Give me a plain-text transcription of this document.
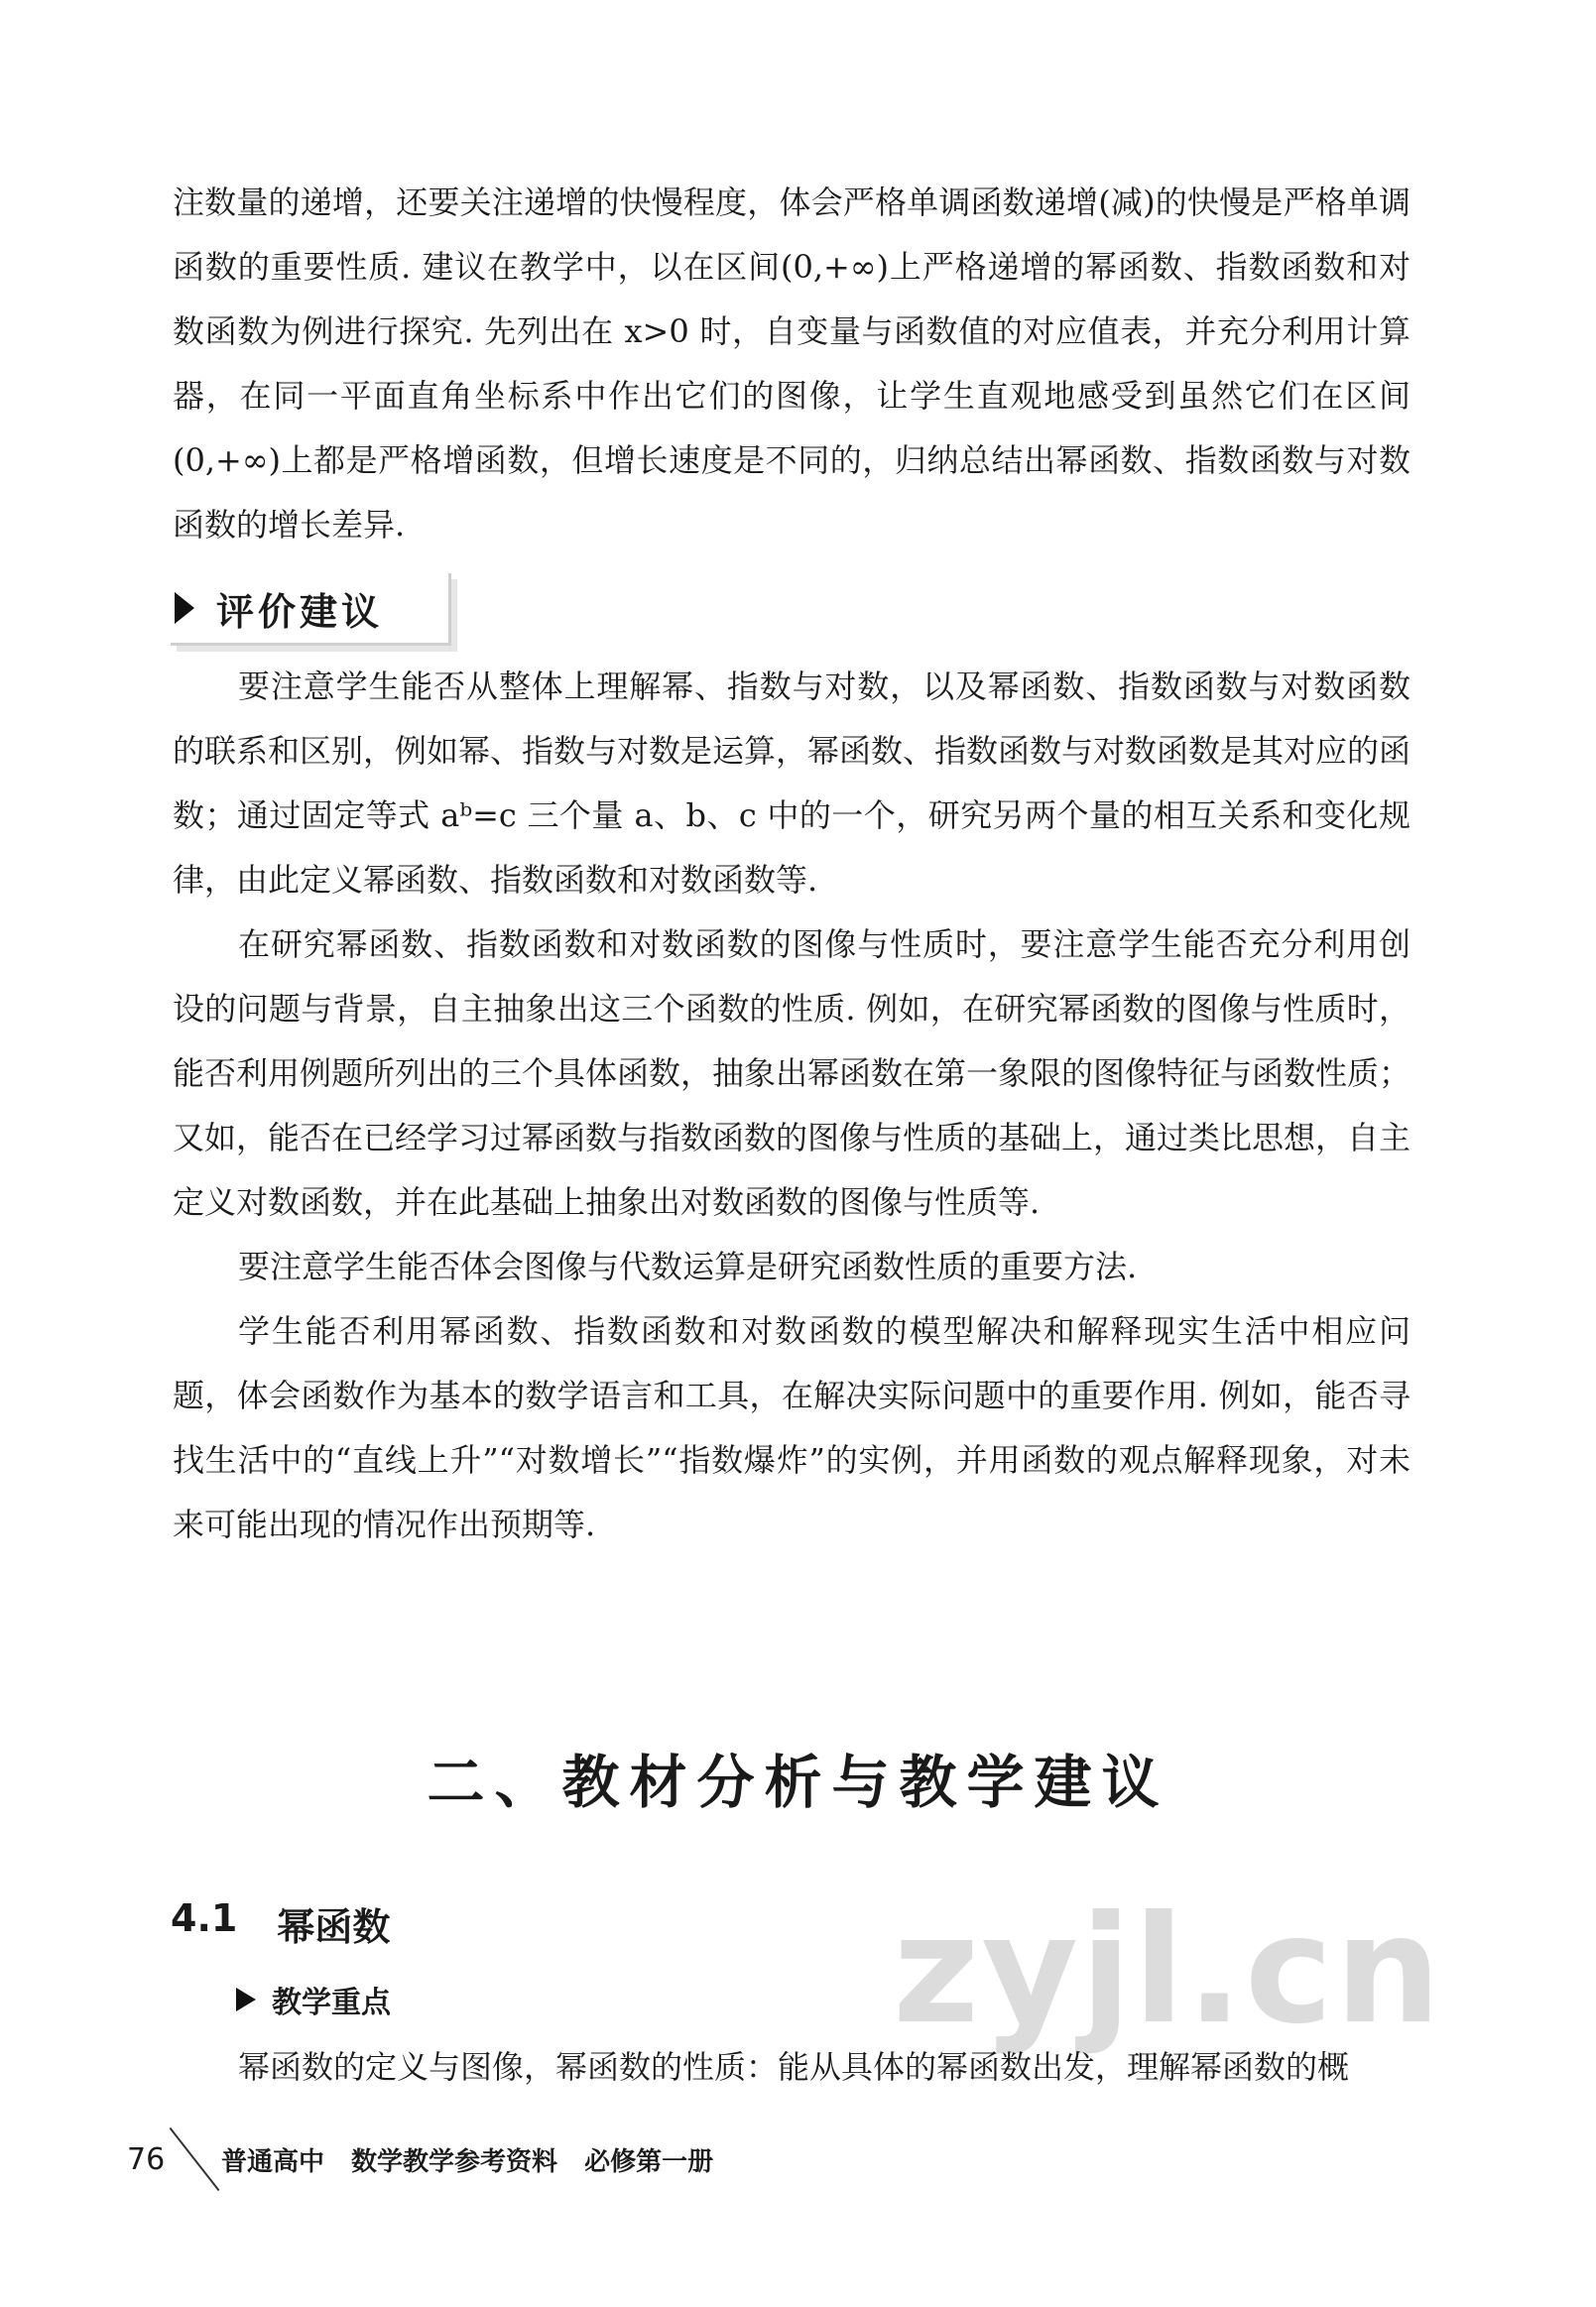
注数量的递增，还要关注递增的快慢程度，体会严格单调函数递增(减)的快慢是严格单调函数的重要性质. 建议在教学中，以在区间(0,+∞)上严格递增的幂函数、指数函数和对数函数为例进行探究. 先列出在 x>0 时，自变量与函数值的对应值表，并充分利用计算器，在同一平面直角坐标系中作出它们的图像，让学生直观地感受到虽然它们在区间(0,+∞)上都是严格增函数，但增长速度是不同的，归纳总结出幂函数、指数函数与对数函数的增长差异.

评价建议

要注意学生能否从整体上理解幂、指数与对数，以及幂函数、指数函数与对数函数的联系和区别，例如幂、指数与对数是运算，幂函数、指数函数与对数函数是其对应的函数；通过固定等式 aᵇ=c 三个量 a、b、c 中的一个，研究另两个量的相互关系和变化规律，由此定义幂函数、指数函数和对数函数等.

在研究幂函数、指数函数和对数函数的图像与性质时，要注意学生能否充分利用创设的问题与背景，自主抽象出这三个函数的性质. 例如，在研究幂函数的图像与性质时，能否利用例题所列出的三个具体函数，抽象出幂函数在第一象限的图像特征与函数性质；又如，能否在已经学习过幂函数与指数函数的图像与性质的基础上，通过类比思想，自主定义对数函数，并在此基础上抽象出对数函数的图像与性质等.

要注意学生能否体会图像与代数运算是研究函数性质的重要方法.

学生能否利用幂函数、指数函数和对数函数的模型解决和解释现实生活中相应问题，体会函数作为基本的数学语言和工具，在解决实际问题中的重要作用. 例如，能否寻找生活中的“直线上升”“对数增长”“指数爆炸”的实例，并用函数的观点解释现象，对未来可能出现的情况作出预期等.

二、教材分析与教学建议
4.1 幂函数
教学重点

幂函数的定义与图像，幂函数的性质：能从具体的幂函数出发，理解幂函数的概

zyjl.cn
76	普通高中 数学教学参考资料 必修第一册
